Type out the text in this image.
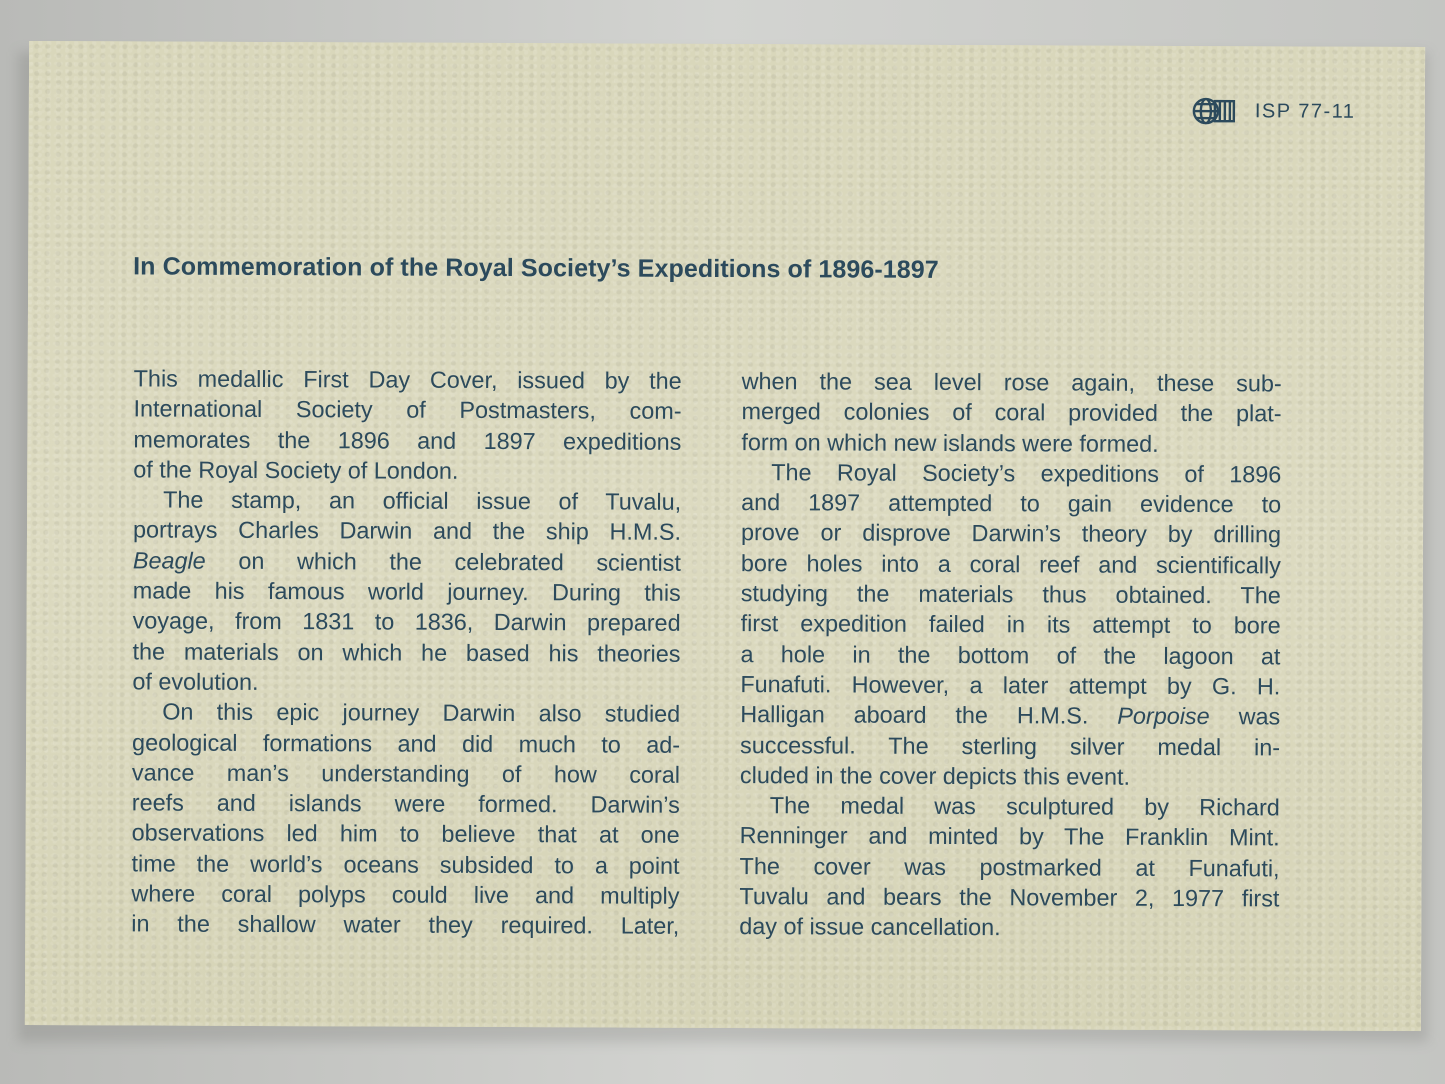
ISP 77-11
In Commemoration of the Royal Society’s Expeditions of 1896-1897
This medallic First Day Cover, issued by the
International Society of Postmasters, com-
memorates the 1896 and 1897 expeditions
of the Royal Society of London.
The stamp, an official issue of Tuvalu,
portrays Charles Darwin and the ship H.M.S.
Beagle on which the celebrated scientist
made his famous world journey. During this
voyage, from 1831 to 1836, Darwin prepared
the materials on which he based his theories
of evolution.
On this epic journey Darwin also studied
geological formations and did much to ad-
vance man’s understanding of how coral
reefs and islands were formed. Darwin’s
observations led him to believe that at one
time the world’s oceans subsided to a point
where coral polyps could live and multiply
in the shallow water they required. Later,
when the sea level rose again, these sub-
merged colonies of coral provided the plat-
form on which new islands were formed.
The Royal Society’s expeditions of 1896
and 1897 attempted to gain evidence to
prove or disprove Darwin’s theory by drilling
bore holes into a coral reef and scientifically
studying the materials thus obtained. The
first expedition failed in its attempt to bore
a hole in the bottom of the lagoon at
Funafuti. However, a later attempt by G. H.
Halligan aboard the H.M.S. Porpoise was
successful. The sterling silver medal in-
cluded in the cover depicts this event.
The medal was sculptured by Richard
Renninger and minted by The Franklin Mint.
The cover was postmarked at Funafuti,
Tuvalu and bears the November 2, 1977 first
day of issue cancellation.
